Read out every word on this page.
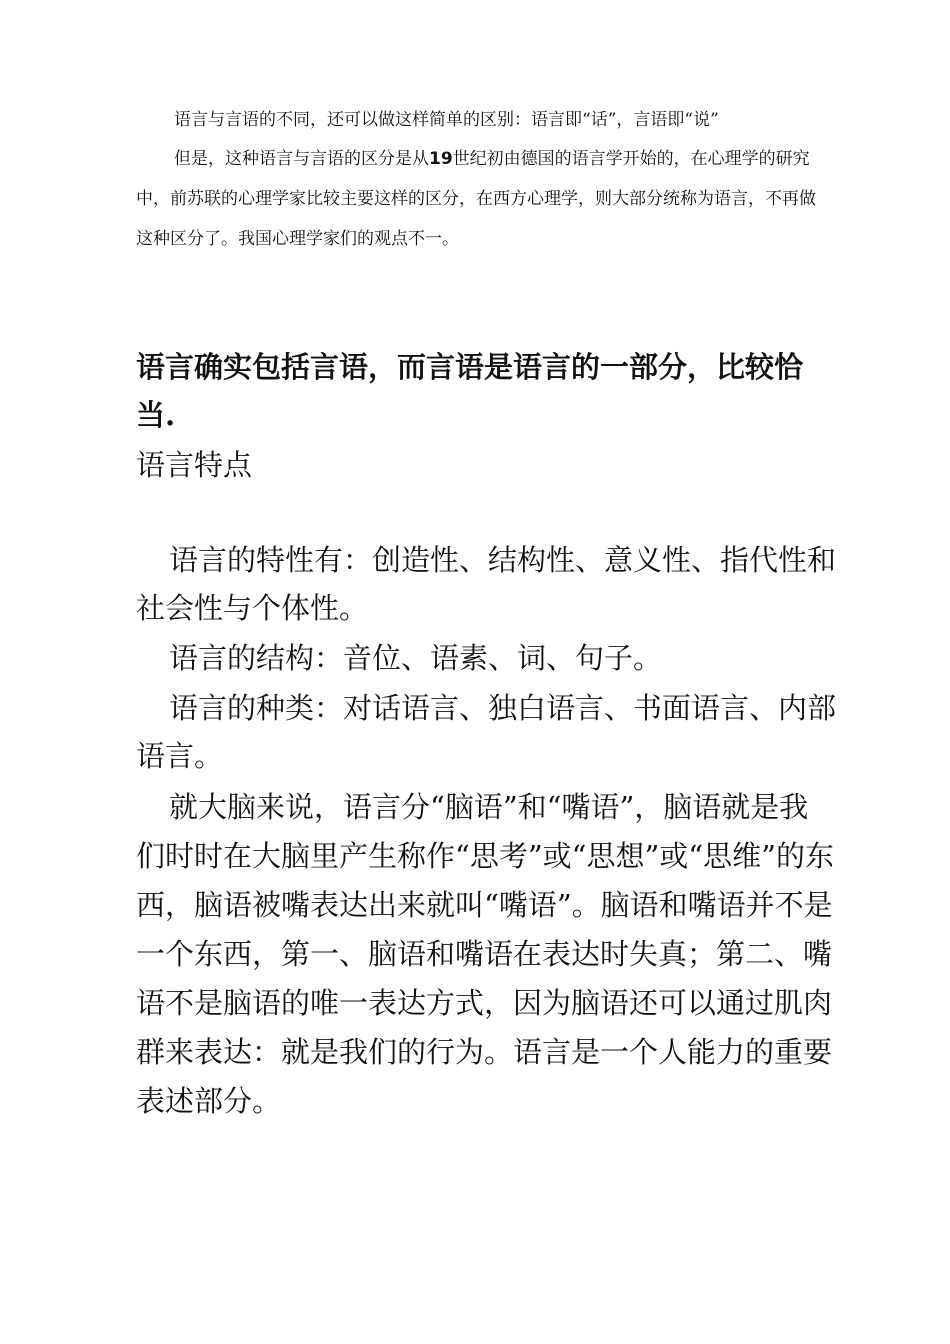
语言与言语的不同，还可以做这样简单的区别：语言即“话”，言语即“说”

但是，这种语言与言语的区分是从19世纪初由德国的语言学开始的，在心理学的研究中，前苏联的心理学家比较主要这样的区分，在西方心理学，则大部分统称为语言，不再做这种区分了。我国心理学家们的观点不一。

语言确实包括言语，而言语是语言的一部分，比较恰当.

语言特点

语言的特性有：创造性、结构性、意义性、指代性和社会性与个体性。

语言的结构：音位、语素、词、句子。

语言的种类：对话语言、独白语言、书面语言、内部语言。

就大脑来说，语言分“脑语”和“嘴语”，脑语就是我们时时在大脑里产生称作“思考”或“思想”或“思维”的东西，脑语被嘴表达出来就叫“嘴语”。脑语和嘴语并不是一个东西，第一、脑语和嘴语在表达时失真；第二、嘴语不是脑语的唯一表达方式，因为脑语还可以通过肌肉群来表达：就是我们的行为。语言是一个人能力的重要表述部分。
